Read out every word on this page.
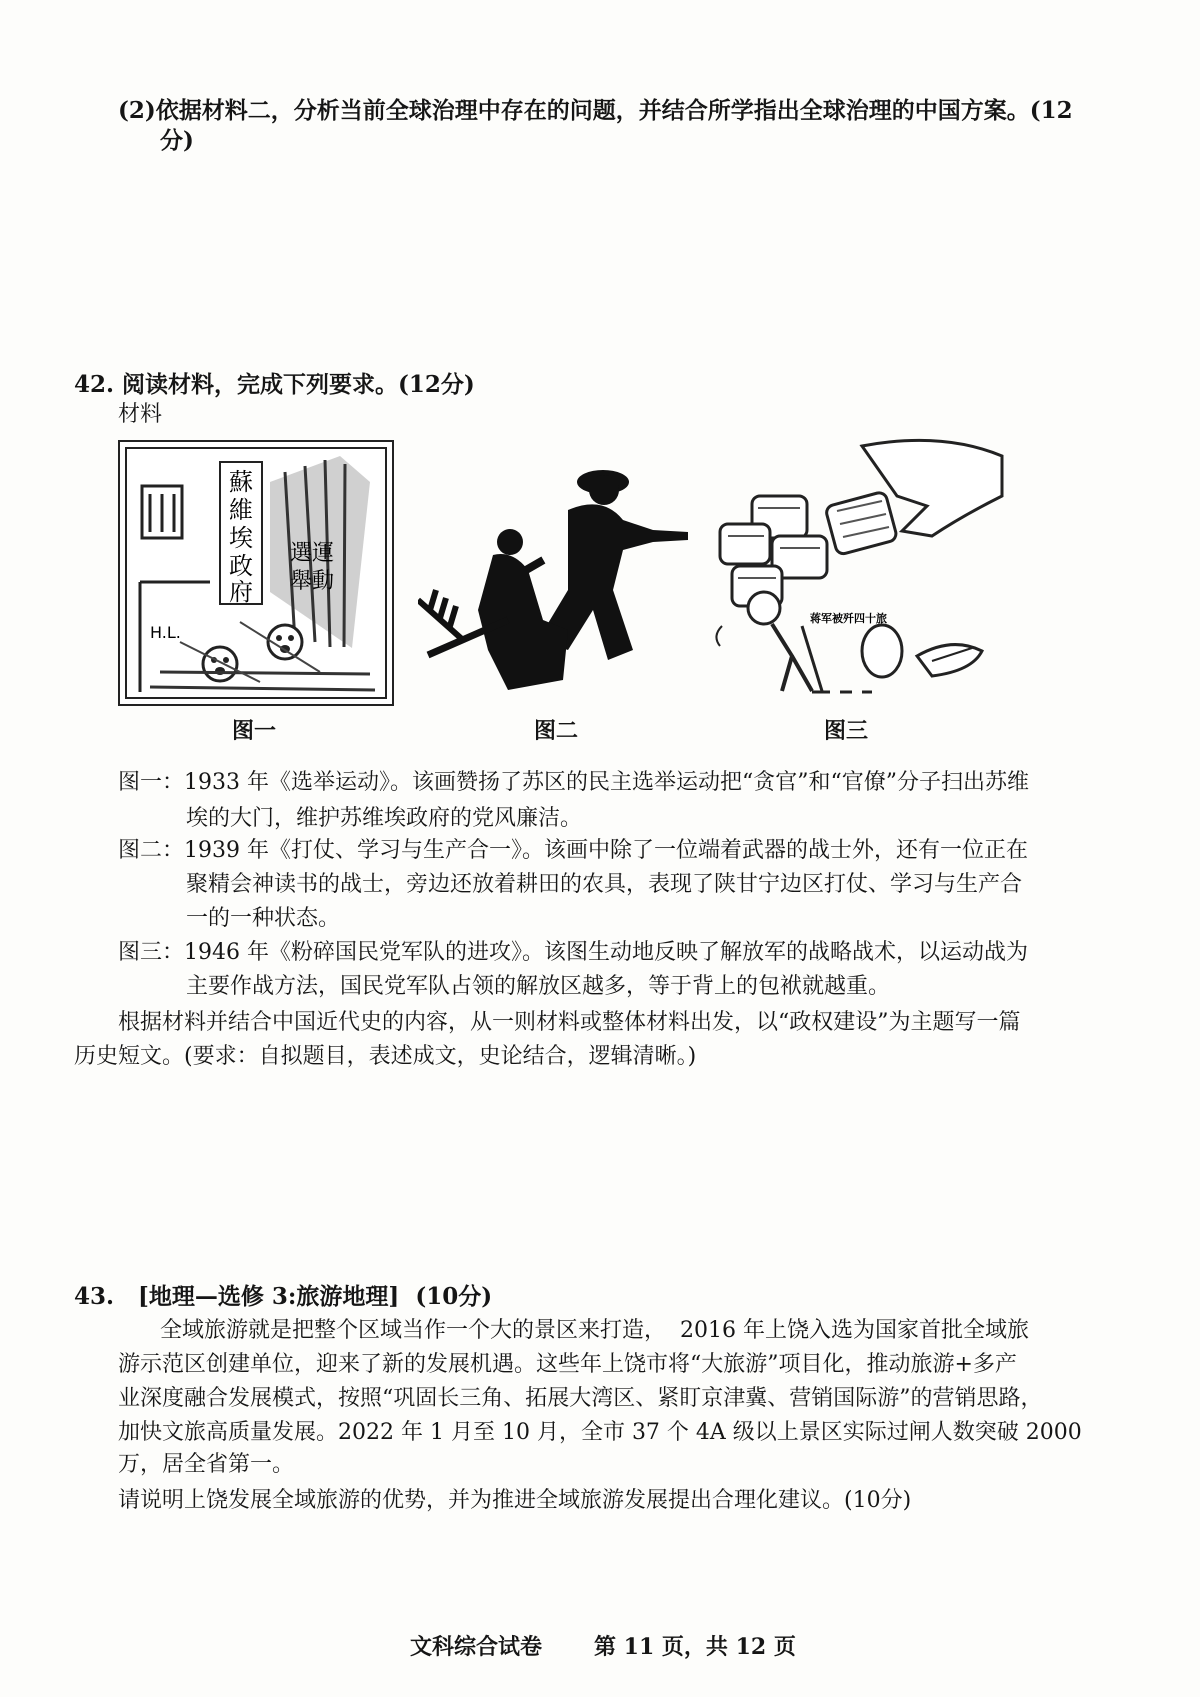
(2)依据材料二，分析当前全球治理中存在的问题，并结合所学指出全球治理的中国方案。(12
分)
42. 阅读材料，完成下列要求。(12分)
材料
蘇
維
埃
政
府
選運
舉動
H.L.
图一	图二
蒋军被歼四十旅
图三
图一：1933 年《选举运动》。该画赞扬了苏区的民主选举运动把“贪官”和“官僚”分子扫出苏维
埃的大门，维护苏维埃政府的党风廉洁。
图二：1939 年《打仗、学习与生产合一》。该画中除了一位端着武器的战士外，还有一位正在
聚精会神读书的战士，旁边还放着耕田的农具，表现了陕甘宁边区打仗、学习与生产合
一的一种状态。
图三：1946 年《粉碎国民党军队的进攻》。该图生动地反映了解放军的战略战术，以运动战为
主要作战方法，国民党军队占领的解放区越多，等于背上的包袱就越重。
根据材料并结合中国近代史的内容，从一则材料或整体材料出发，以“政权建设”为主题写一篇
历史短文。(要求：自拟题目，表述成文，史论结合，逻辑清晰。)
43.   [地理—选修 3:旅游地理]  (10分)
全域旅游就是把整个区域当作一个大的景区来打造，  2016 年上饶入选为国家首批全域旅
游示范区创建单位，迎来了新的发展机遇。这些年上饶市将“大旅游”项目化，推动旅游+多产
业深度融合发展模式，按照“巩固长三角、拓展大湾区、紧盯京津冀、营销国际游”的营销思路，
加快文旅高质量发展。2022 年 1 月至 10 月，全市 37 个 4A 级以上景区实际过闸人数突破 2000
万，居全省第一。
请说明上饶发展全域旅游的优势，并为推进全域旅游发展提出合理化建议。(10分)
文科综合试卷 第 11 页，共 12 页
